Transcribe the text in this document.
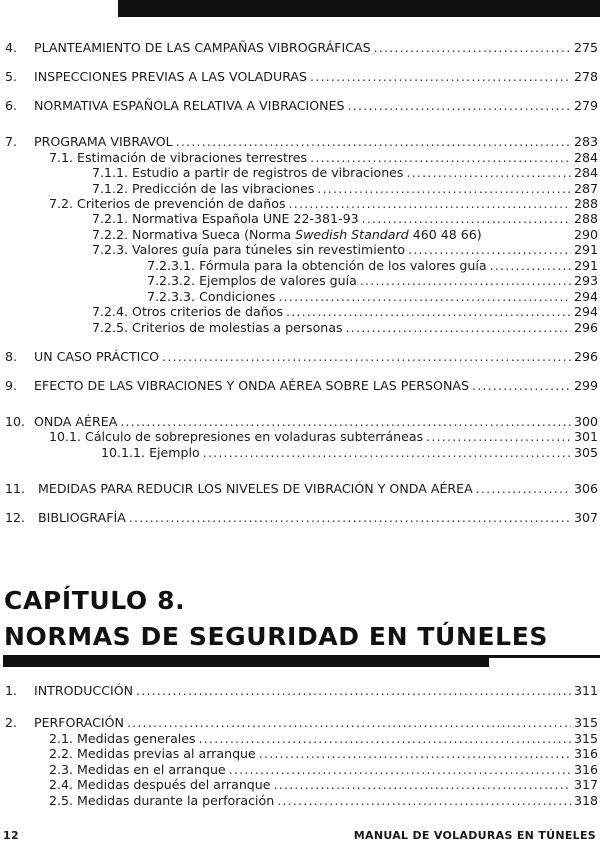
4. PLANTEAMIENTO DE LAS CAMPAÑAS VIBROGRÁFICAS .....	275
5. INSPECCIONES PREVIAS A LAS VOLADURAS .....	278
6. NORMATIVA ESPAÑOLA RELATIVA A VIBRACIONES .....	279
7. PROGRAMA VIBRAVOL .....	283
7.1. Estimación de vibraciones terrestres .....	284
7.1.1. Estudio a partir de registros de vibraciones .....	284
7.1.2. Predicción de las vibraciones .....	287
7.2. Criterios de prevención de daños .....	288
7.2.1. Normativa Española UNE 22-381-93 .....	288
7.2.2. Normativa Sueca (Norma Swedish Standard 460 48 66)	290
7.2.3. Valores guía para túneles sin revestimiento .....	291
7.2.3.1. Fórmula para la obtención de los valores guía .....	291
7.2.3.2. Ejemplos de valores guía .....	293
7.2.3.3. Condiciones .....	294
7.2.4. Otros criterios de daños .....	294
7.2.5. Criterios de molestias a personas .....	296
8. UN CASO PRÁCTICO .....	296
9. EFECTO DE LAS VIBRACIONES Y ONDA AÉREA SOBRE LAS PERSONAS .....	299
10. ONDA AÉREA .....	300
10.1. Cálculo de sobrepresiones en voladuras subterráneas .....	301
10.1.1. Ejemplo .....	305
11. MEDIDAS PARA REDUCIR LOS NIVELES DE VIBRACIÓN Y ONDA AÉREA .....	306
12. BIBLIOGRAFÍA .....	307
CAPÍTULO 8.
NORMAS DE SEGURIDAD EN TÚNELES
1. INTRODUCCIÓN .....	311
2. PERFORACIÓN .....	315
2.1. Medidas generales .....	315
2.2. Medidas previas al arranque .....	316
2.3. Medidas en el arranque .....	316
2.4. Medidas después del arranque .....	317
2.5. Medidas durante la perforación .....	318
12	MANUAL DE VOLADURAS EN TÚNELES
